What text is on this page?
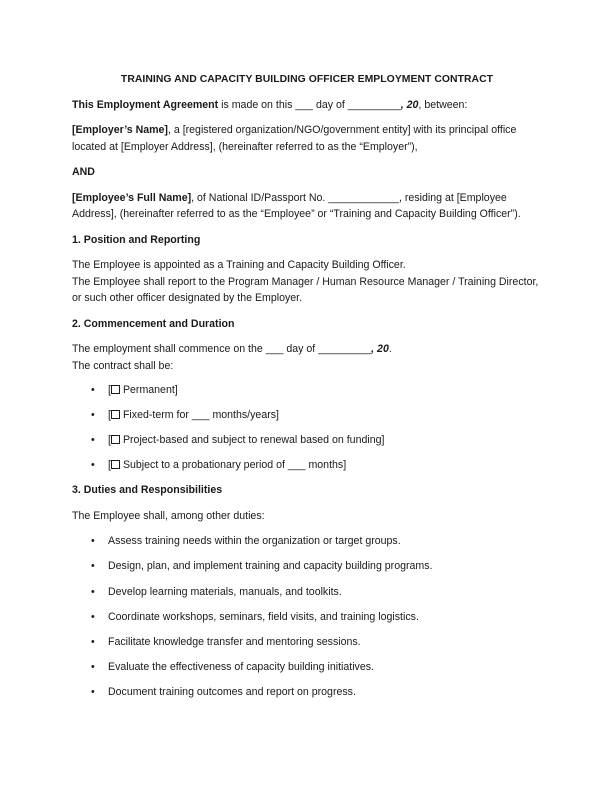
TRAINING AND CAPACITY BUILDING OFFICER EMPLOYMENT CONTRACT

This Employment Agreement is made on this ___ day of _________, 20, between:

[Employer’s Name], a [registered organization/NGO/government entity] with its principal office located at [Employer Address], (hereinafter referred to as the “Employer”),

AND

[Employee’s Full Name], of National ID/Passport No. ____________, residing at [Employee Address], (hereinafter referred to as the “Employee” or “Training and Capacity Building Officer”).

1. Position and Reporting

The Employee is appointed as a Training and Capacity Building Officer.
The Employee shall report to the Program Manager / Human Resource Manager / Training Director, or such other officer designated by the Employer.

2. Commencement and Duration

The employment shall commence on the ___ day of _________, 20.
The contract shall be:

• [ Permanent]
• [ Fixed-term for ___ months/years]
• [ Project-based and subject to renewal based on funding]
• [ Subject to a probationary period of ___ months]
3. Duties and Responsibilities

The Employee shall, among other duties:

• Assess training needs within the organization or target groups.
• Design, plan, and implement training and capacity building programs.
• Develop learning materials, manuals, and toolkits.
• Coordinate workshops, seminars, field visits, and training logistics.
• Facilitate knowledge transfer and mentoring sessions.
• Evaluate the effectiveness of capacity building initiatives.
• Document training outcomes and report on progress.
